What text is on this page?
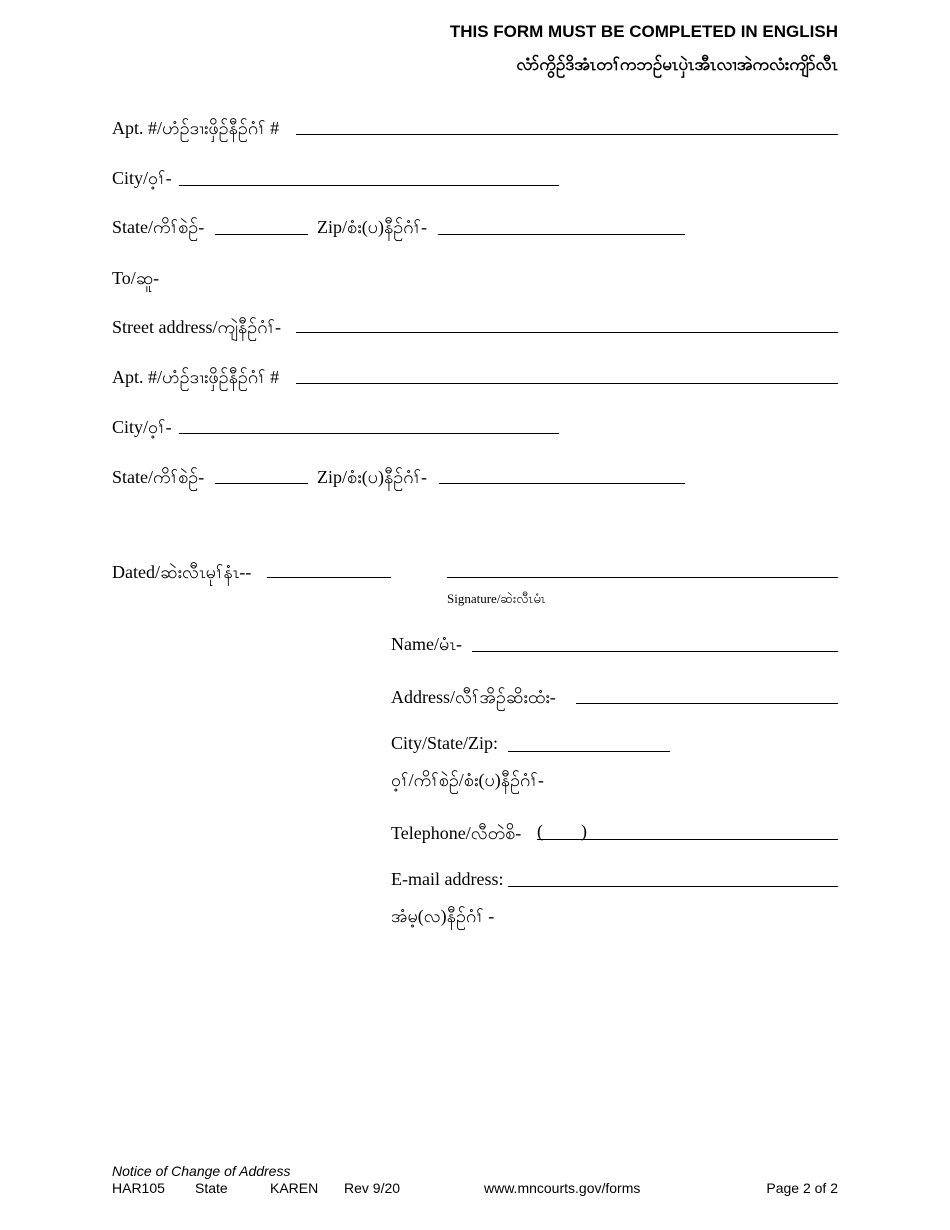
THIS FORM MUST BE COMPLETED IN ENGLISH
လံာ်ကွိဉ်ဒိအံၤတၢ်ကဘဉ်မၤပှဲၤအီၤလၢအဲကလံးကျိာ်လီၤ
Apt. #/ဟံဉ်ဒၢးဖှိဉ်နီဉ်ဂံၢ် #
City/ဝ့ၢ်-
State/ကိၢ်စဲဉ်-	Zip/စံး(ပ)နီဉ်ဂံၢ်-
To/ဆူ-
Street address/ကျဲနီဉ်ဂံၢ်-
Apt. #/ဟံဉ်ဒၢးဖှိဉ်နီဉ်ဂံၢ် #
City/ဝ့ၢ်-
State/ကိၢ်စဲဉ်-	Zip/စံး(ပ)နီဉ်ဂံၢ်-
Dated/ဆဲးလီၤမုၢ်နံၤ--
Signature/ဆဲးလီၤမံၤ
Name/မံၤ-
Address/လီၢ်အိဉ်ဆိးထံး-
City/State/Zip:
ဝ့ၢ်/ကိၢ်စဲဉ်/စံး(ပ)နီဉ်ဂံၢ်-
Telephone/လီတဲစိ- ( )
E-mail address:
အံမ့(လ)နီဉ်ဂံၢ် -
Notice of Change of Address
HAR105 State	KAREN Rev 9/20	www.mncourts.gov/forms	Page 2 of 2
